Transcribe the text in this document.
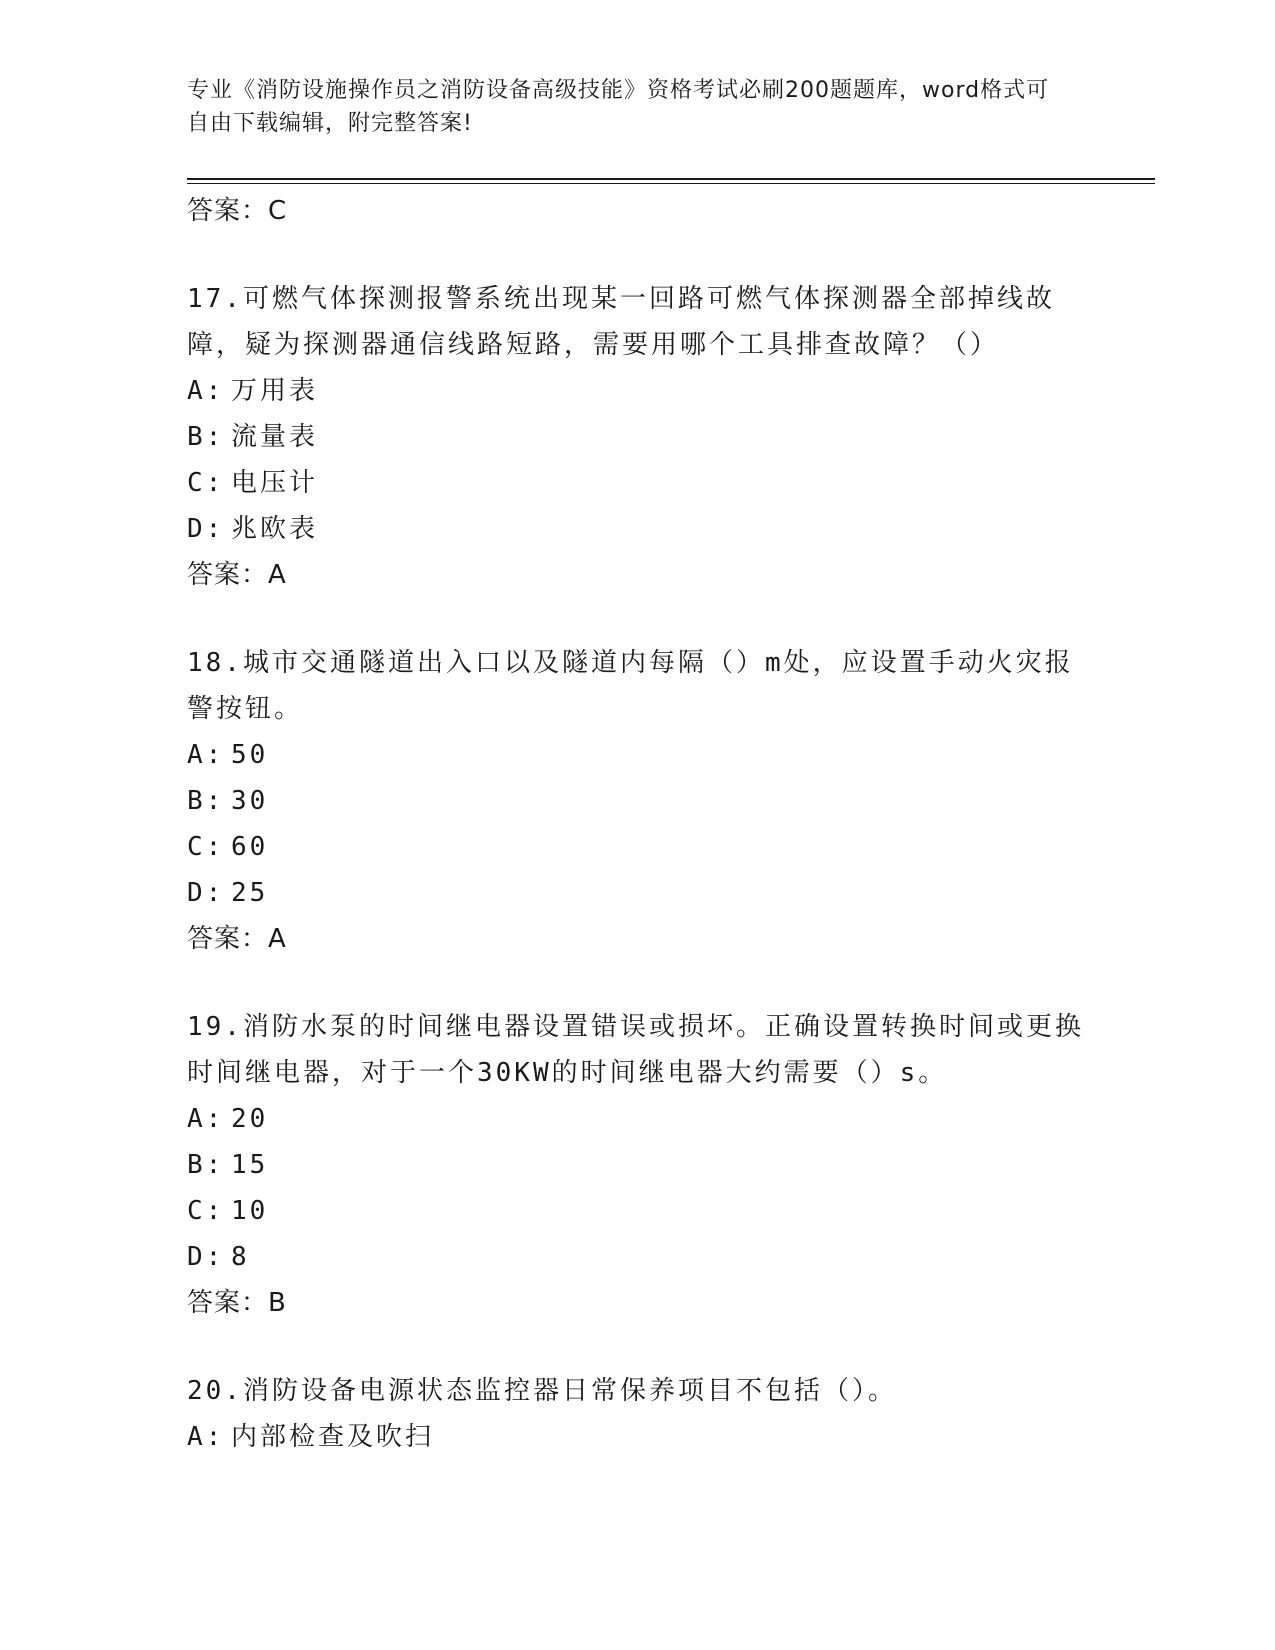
专业《消防设施操作员之消防设备高级技能》资格考试必刷200题题库，word格式可自由下载编辑，附完整答案!

答案：C

17.可燃气体探测报警系统出现某一回路可燃气体探测器全部掉线故障，疑为探测器通信线路短路，需要用哪个工具排查故障？（）

A: 万用表

B: 流量表

C: 电压计

D: 兆欧表

答案：A

18.城市交通隧道出入口以及隧道内每隔（）m处，应设置手动火灾报警按钮。

A: 50

B: 30

C: 60

D: 25

答案：A

19.消防水泵的时间继电器设置错误或损坏。正确设置转换时间或更换时间继电器，对于一个30KW的时间继电器大约需要（）s。

A: 20

B: 15

C: 10

D: 8

答案：B

20.消防设备电源状态监控器日常保养项目不包括（）。

A: 内部检查及吹扫
